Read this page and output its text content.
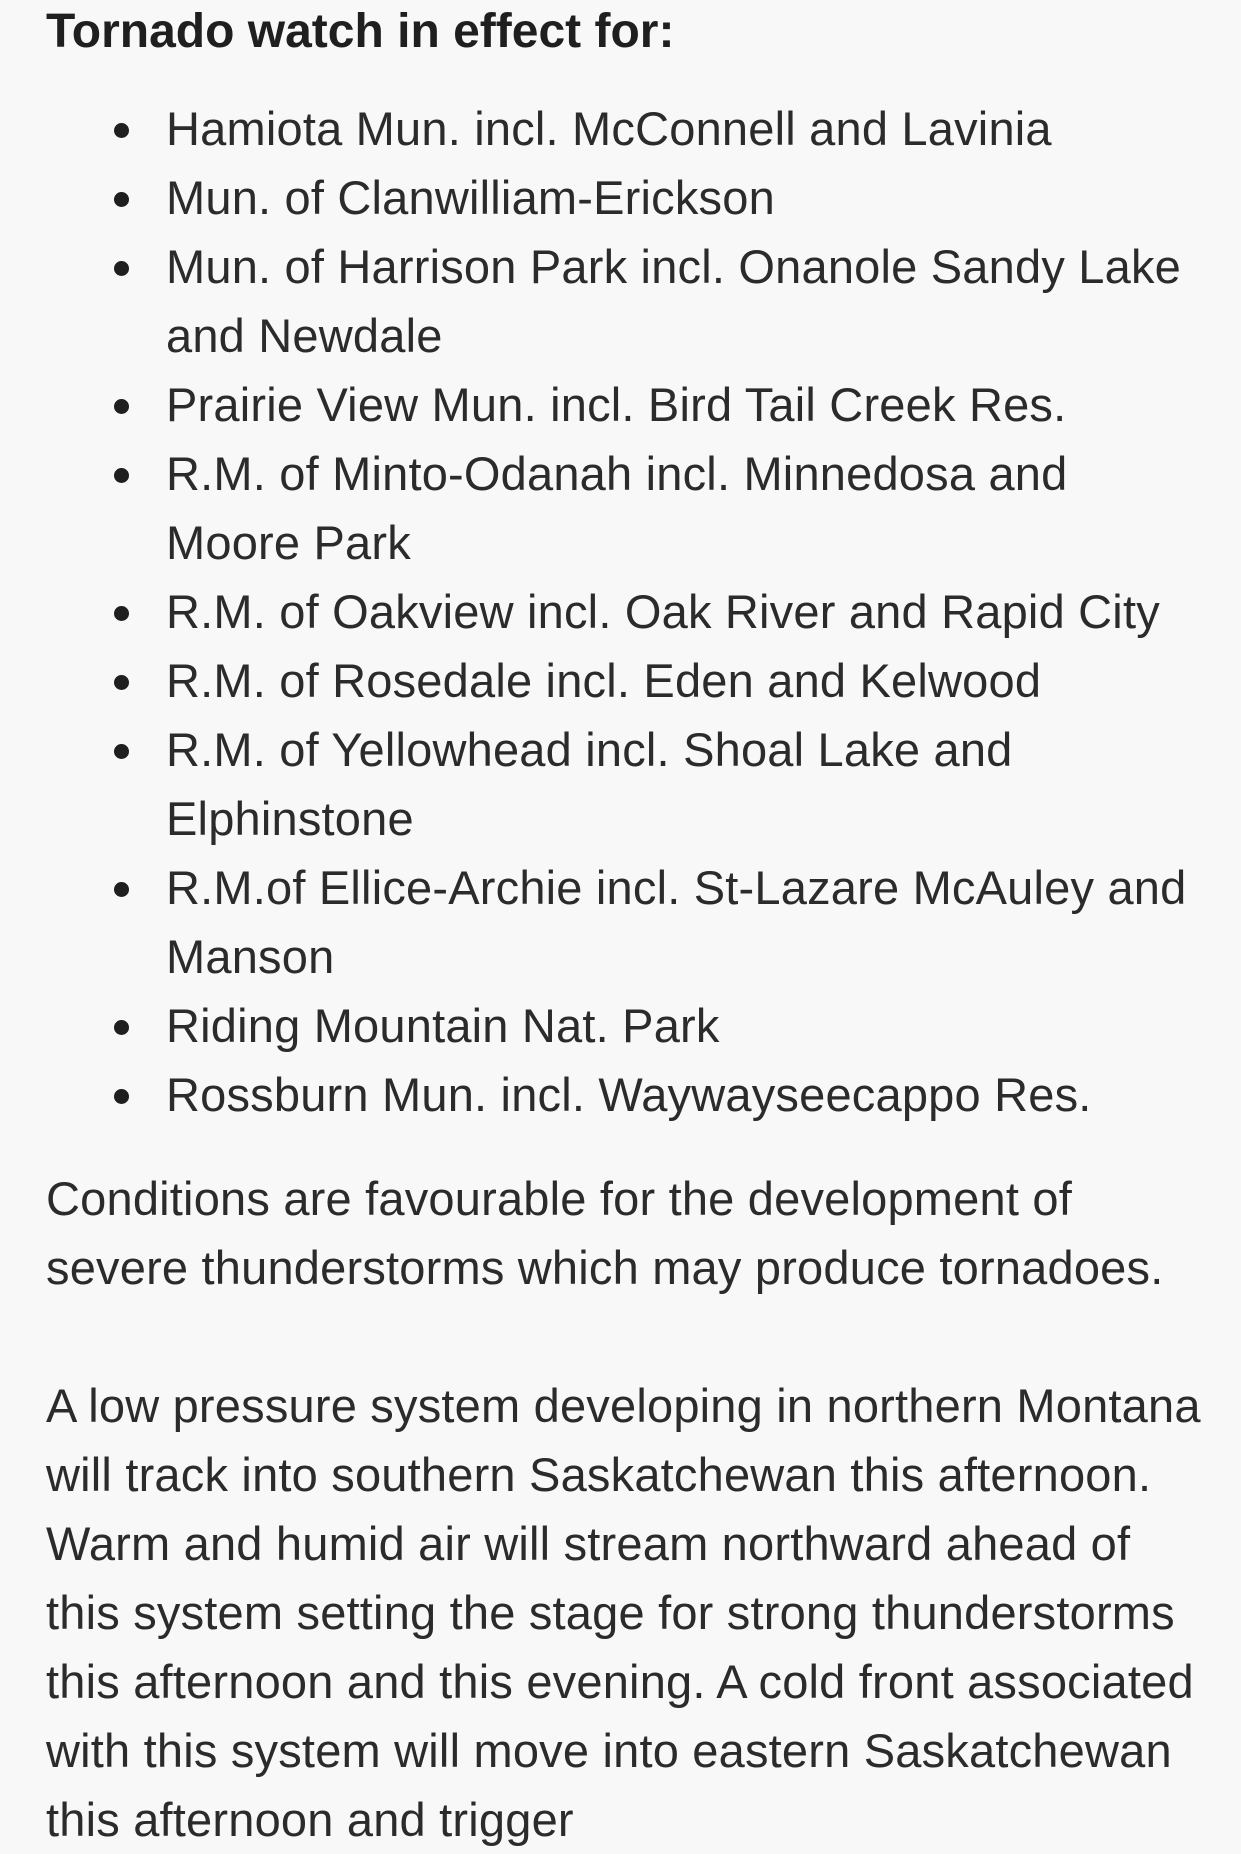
Tornado watch in effect for:
Hamiota Mun. incl. McConnell and Lavinia
Mun. of Clanwilliam-Erickson
Mun. of Harrison Park incl. Onanole Sandy Lake and Newdale
Prairie View Mun. incl. Bird Tail Creek Res.
R.M. of Minto-Odanah incl. Minnedosa and Moore Park
R.M. of Oakview incl. Oak River and Rapid City
R.M. of Rosedale incl. Eden and Kelwood
R.M. of Yellowhead incl. Shoal Lake and Elphinstone
R.M.of Ellice-Archie incl. St-Lazare McAuley and Manson
Riding Mountain Nat. Park
Rossburn Mun. incl. Waywayseecappo Res.

Conditions are favourable for the development of severe thunderstorms which may produce tornadoes.

A low pressure system developing in northern Montana will track into southern Saskatchewan this afternoon. Warm and humid air will stream northward ahead of this system setting the stage for strong thunderstorms this afternoon and this evening. A cold front associated with this system will move into eastern Saskatchewan this afternoon and trigger
